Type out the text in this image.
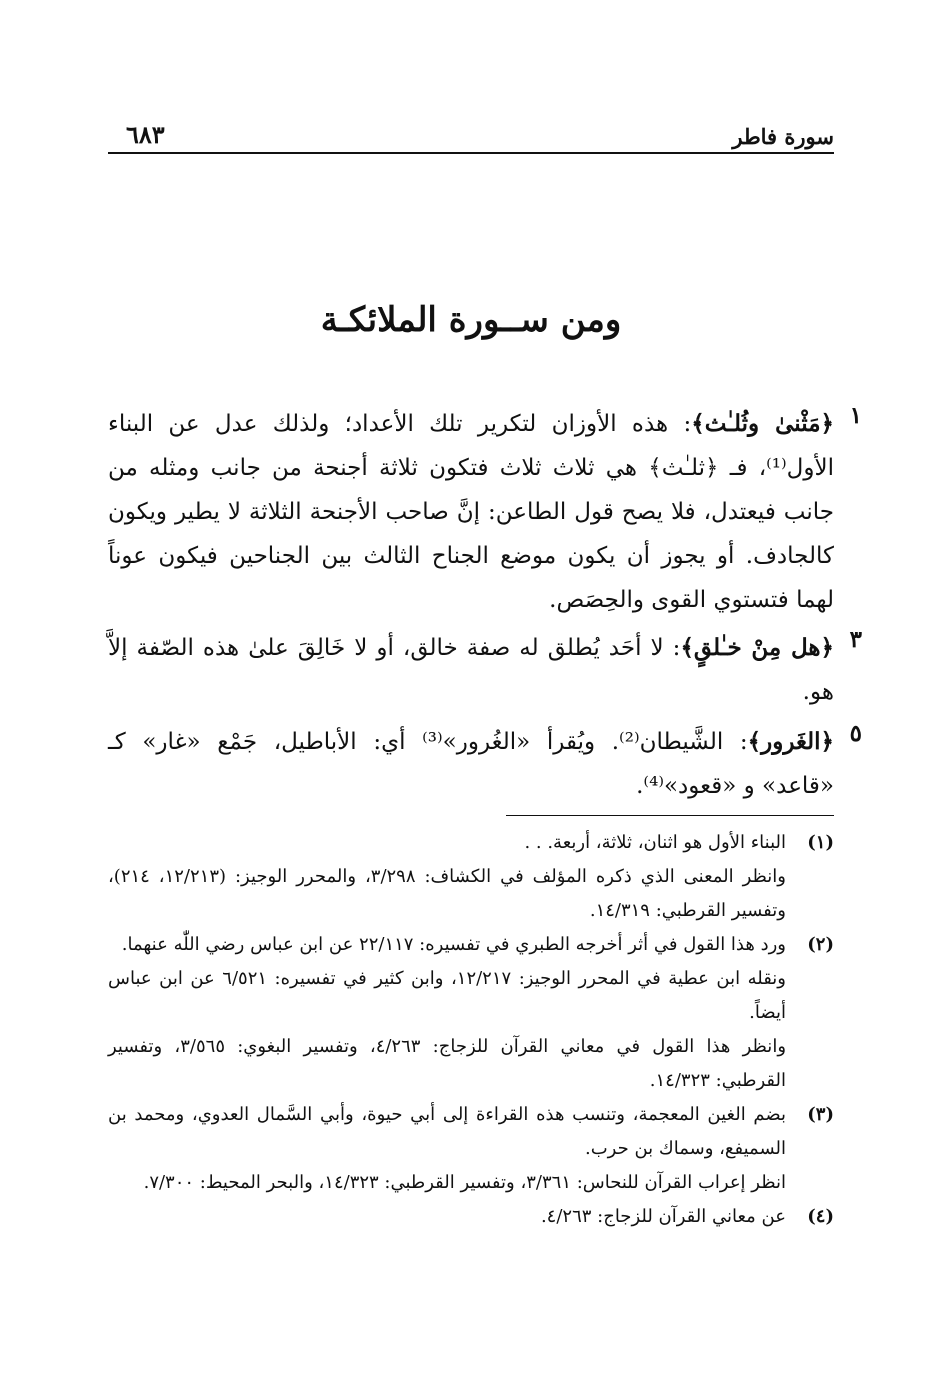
سورة فاطر
٦٨٣
ومن ســورة الملائكـة
١
﴿مَثْنىٰ وثُلـٰث﴾: هذه الأوزان لتكرير تلك الأعداد؛ ولذلك عدل عن البناء الأول⁽¹⁾، فـ ﴿ثلـٰث﴾ هي ثلاث ثلاث فتكون ثلاثة أجنحة من جانب ومثله من جانب فيعتدل، فلا يصح قول الطاعن: إنَّ صاحب الأجنحة الثلاثة لا يطير ويكون كالجادف. أو يجوز أن يكون موضع الجناح الثالث بين الجناحين فيكون عوناً لهما فتستوي القوى والحِصَص.
٣
﴿هل مِنْ خـٰلقٍ﴾: لا أحَد يُطلق له صفة خالق، أو لا خَالِقَ علىٰ هذه الصّفة إلاَّ هو.
٥
﴿الغَرور﴾: الشَّيطان⁽²⁾. ويُقرأ «الغُرور»⁽³⁾ أي: الأباطيل، جَمْع «غار» كـ «قاعد» و «قعود»⁽⁴⁾.
(١)

البناء الأول هو اثنان، ثلاثة، أربعة. . .

وانظر المعنى الذي ذكره المؤلف في الكشاف: ٣/٢٩٨، والمحرر الوجيز: (١٢/٢١٣، ٢١٤)، وتفسير القرطبي: ١٤/٣١٩.

(٢)

ورد هذا القول في أثر أخرجه الطبري في تفسيره: ٢٢/١١٧ عن ابن عباس رضي اللّٰه عنهما.

ونقله ابن عطية في المحرر الوجيز: ١٢/٢١٧، وابن كثير في تفسيره: ٦/٥٢١ عن ابن عباس أيضاً.

وانظر هذا القول في معاني القرآن للزجاج: ٤/٢٦٣، وتفسير البغوي: ٣/٥٦٥، وتفسير القرطبي: ١٤/٣٢٣.

(٣)

بضم الغين المعجمة، وتنسب هذه القراءة إلى أبي حيوة، وأبي السَّمال العدوي، ومحمد بن السميفع، وسماك بن حرب.

انظر إعراب القرآن للنحاس: ٣/٣٦١، وتفسير القرطبي: ١٤/٣٢٣، والبحر المحيط: ٧/٣٠٠.

(٤)

عن معاني القرآن للزجاج: ٤/٢٦٣.
